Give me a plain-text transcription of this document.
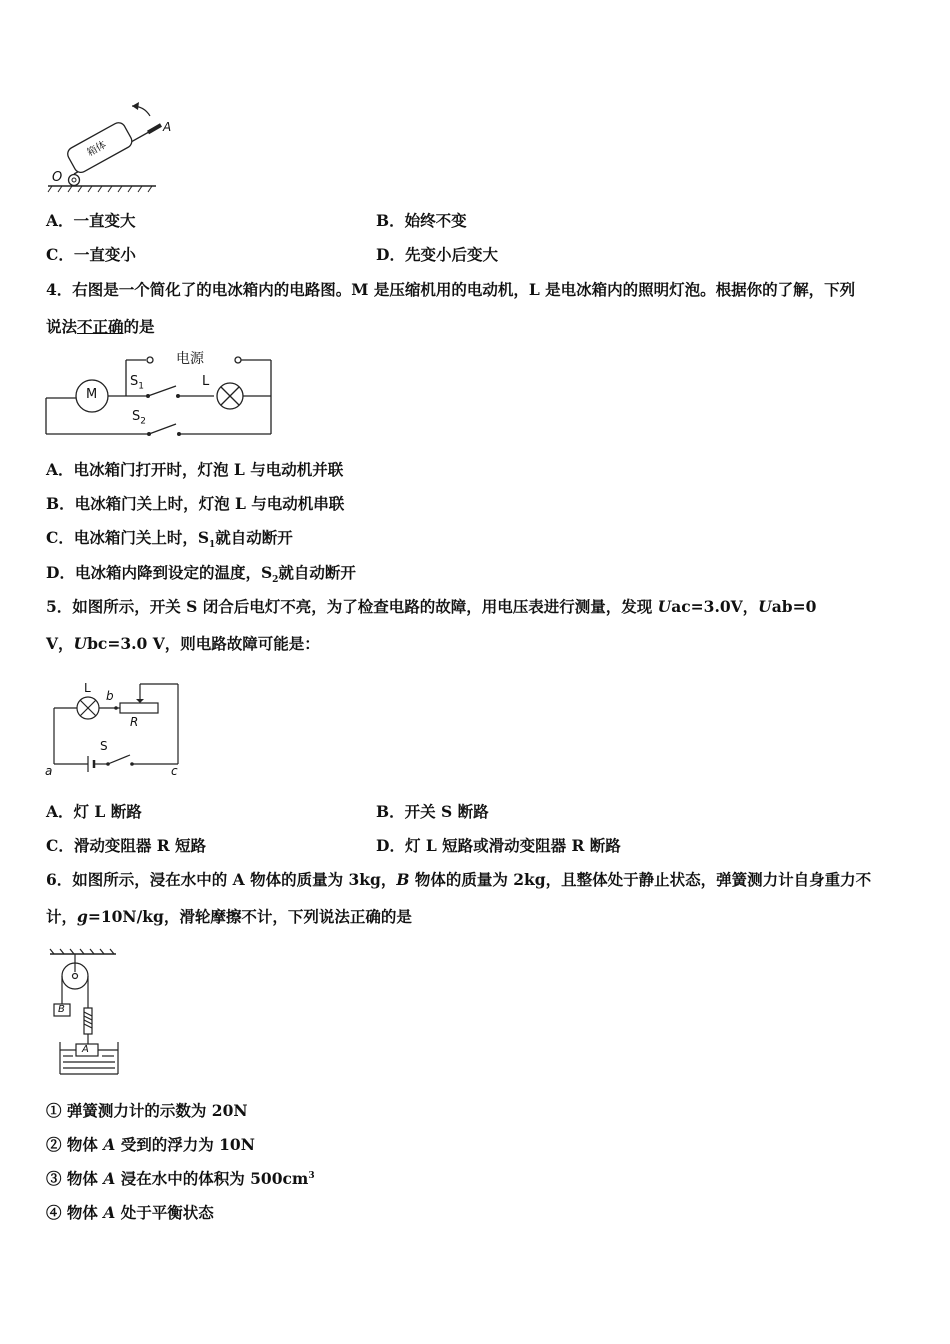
箱体
O
A
A．一直变大	B．始终不变
C．一直变小	D．先变小后变大
4．右图是一个简化了的电冰箱内的电路图。M 是压缩机用的电动机，L 是电冰箱内的照明灯泡。根据你的了解，下列
说法不正确的是
电源
M
$S_1$	L
$S_2$
A．电冰箱门打开时，灯泡 L 与电动机并联
B．电冰箱门关上时，灯泡 L 与电动机串联
C．电冰箱门关上时，$S_1$就自动断开
D．电冰箱内降到设定的温度，$S_2$就自动断开
5．如图所示，开关 S 闭合后电灯不亮，为了检查电路的故障，用电压表进行测量，发现 Uac=3.0V，Uab=0
V，Ubc=3.0 V，则电路故障可能是：
L
b
R
S
a	c
A．灯 L 断路	B．开关 S 断路
C．滑动变阻器 R 短路	D．灯 L 短路或滑动变阻器 R 断路
6．如图所示，浸在水中的 A 物体的质量为 3kg，B 物体的质量为 2kg，且整体处于静止状态，弹簧测力计自身重力不
计，g=10N/kg，滑轮摩擦不计，下列说法正确的是
B
A
① 弹簧测力计的示数为 20N
② 物体 A 受到的浮力为 10N
③ 物体 A 浸在水中的体积为 $500cm^3$
④ 物体 A 处于平衡状态
